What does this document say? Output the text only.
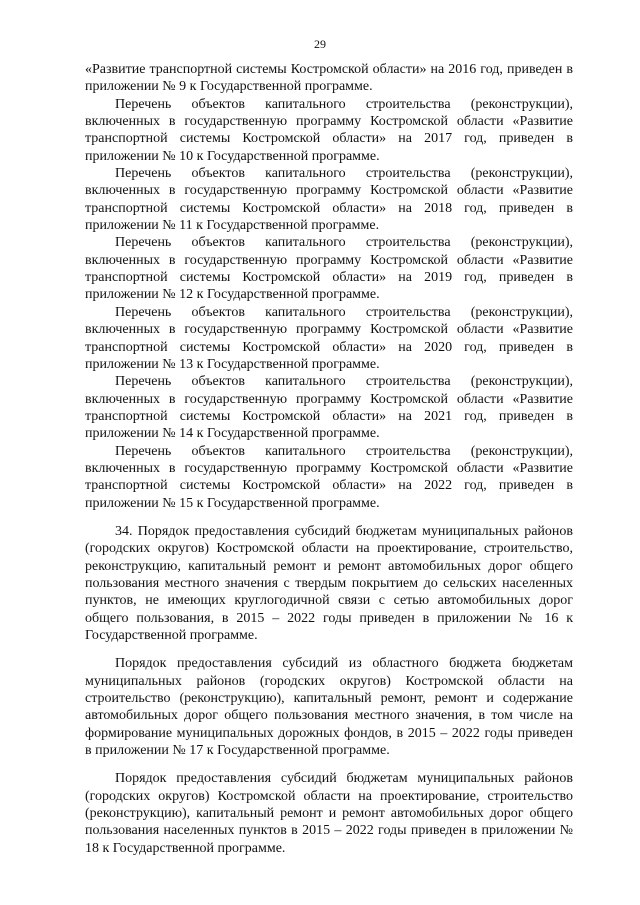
29

«Развитие транспортной системы Костромской области» на 2016 год, приведен в приложении № 9 к Государственной программе.

Перечень объектов капитального строительства (реконструкции), включенных в государственную программу Костромской области «Развитие транспортной системы Костромской области» на 2017 год, приведен в приложении № 10 к Государственной программе.

Перечень объектов капитального строительства (реконструкции), включенных в государственную программу Костромской области «Развитие транспортной системы Костромской области» на 2018 год, приведен в приложении № 11 к Государственной программе.

Перечень объектов капитального строительства (реконструкции), включенных в государственную программу Костромской области «Развитие транспортной системы Костромской области» на 2019 год, приведен в приложении № 12 к Государственной программе.

Перечень объектов капитального строительства (реконструкции), включенных в государственную программу Костромской области «Развитие транспортной системы Костромской области» на 2020 год, приведен в приложении № 13 к Государственной программе.

Перечень объектов капитального строительства (реконструкции), включенных в государственную программу Костромской области «Развитие транспортной системы Костромской области» на 2021 год, приведен в приложении № 14 к Государственной программе.

Перечень объектов капитального строительства (реконструкции), включенных в государственную программу Костромской области «Развитие транспортной системы Костромской области» на 2022 год, приведен в приложении № 15 к Государственной программе.

34. Порядок предоставления субсидий бюджетам муниципальных районов (городских округов) Костромской области на проектирование, строительство, реконструкцию, капитальный ремонт и ремонт автомобильных дорог общего пользования местного значения с твердым покрытием до сельских населенных пунктов, не имеющих круглогодичной связи с сетью автомобильных дорог общего пользования, в 2015 – 2022 годы приведен в приложении № 16 к Государственной программе.

Порядок предоставления субсидий из областного бюджета бюджетам муниципальных районов (городских округов) Костромской области на строительство (реконструкцию), капитальный ремонт, ремонт и содержание автомобильных дорог общего пользования местного значения, в том числе на формирование муниципальных дорожных фондов, в 2015 – 2022 годы приведен в приложении № 17 к Государственной программе.

Порядок предоставления субсидий бюджетам муниципальных районов (городских округов) Костромской области на проектирование, строительство (реконструкцию), капитальный ремонт и ремонт автомобильных дорог общего пользования населенных пунктов в 2015 – 2022 годы приведен в приложении № 18 к Государственной программе.
